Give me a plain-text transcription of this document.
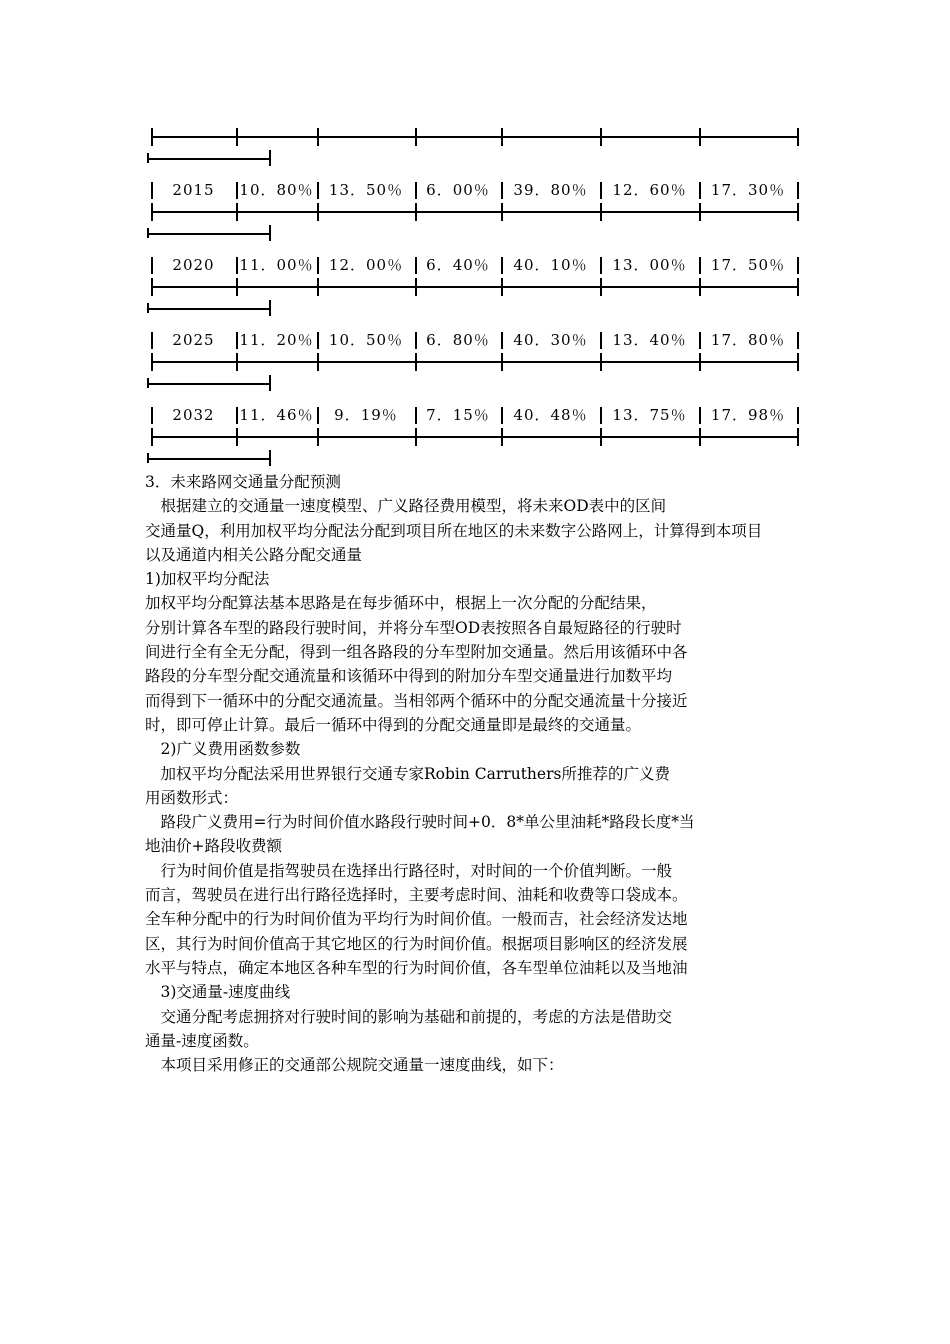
2015	10．80％	13．50％	6．00％	39．80％	12．60％	17．30％
2020	11．00％	12．00％	6．40％	40．10％	13．00％	17．50％
2025	11．20％	10．50％	6．80％	40．30％	13．40％	17．80％
2032	11．46％	9．19％	7．15％	40．48％	13．75％	17．98％

3．未来路网交通量分配预测

　根据建立的交通量一速度模型、广义路径费用模型，将未来OD表中的区间

交通量Q，利用加权平均分配法分配到项目所在地区的未来数字公路网上，计算得到本项目

以及通道内相关公路分配交通量

1)加权平均分配法

加权平均分配算法基本思路是在每步循环中，根据上一次分配的分配结果，

分别计算各车型的路段行驶时间，并将分车型OD表按照各自最短路径的行驶时

间进行全有全无分配，得到一组各路段的分车型附加交通量。然后用该循环中各

路段的分车型分配交通流量和该循环中得到的附加分车型交通量进行加数平均

而得到下一循环中的分配交通流量。当相邻两个循环中的分配交通流量十分接近

时，即可停止计算。最后一循环中得到的分配交通量即是最终的交通量。

　2)广义费用函数参数

　加权平均分配法采用世界银行交通专家Robin Carruthers所推荐的广义费

用函数形式：

　路段广义费用=行为时间价值水路段行驶时间+0．8*单公里油耗*路段长度*当

地油价+路段收费额

　行为时间价值是指驾驶员在选择出行路径时，对时间的一个价值判断。一般

而言，驾驶员在进行出行路径选择时，主要考虑时间、油耗和收费等口袋成本。

全车种分配中的行为时间价值为平均行为时间价值。一般而吉，社会经济发达地

区，其行为时间价值高于其它地区的行为时间价值。根据项目影响区的经济发展

水平与特点，确定本地区各种车型的行为时间价值，各车型单位油耗以及当地油

　3)交通量-速度曲线

　交通分配考虑拥挤对行驶时间的影响为基础和前提的，考虑的方法是借助交

通量-速度函数。

　本项目采用修正的交通部公规院交通量一速度曲线，如下：
